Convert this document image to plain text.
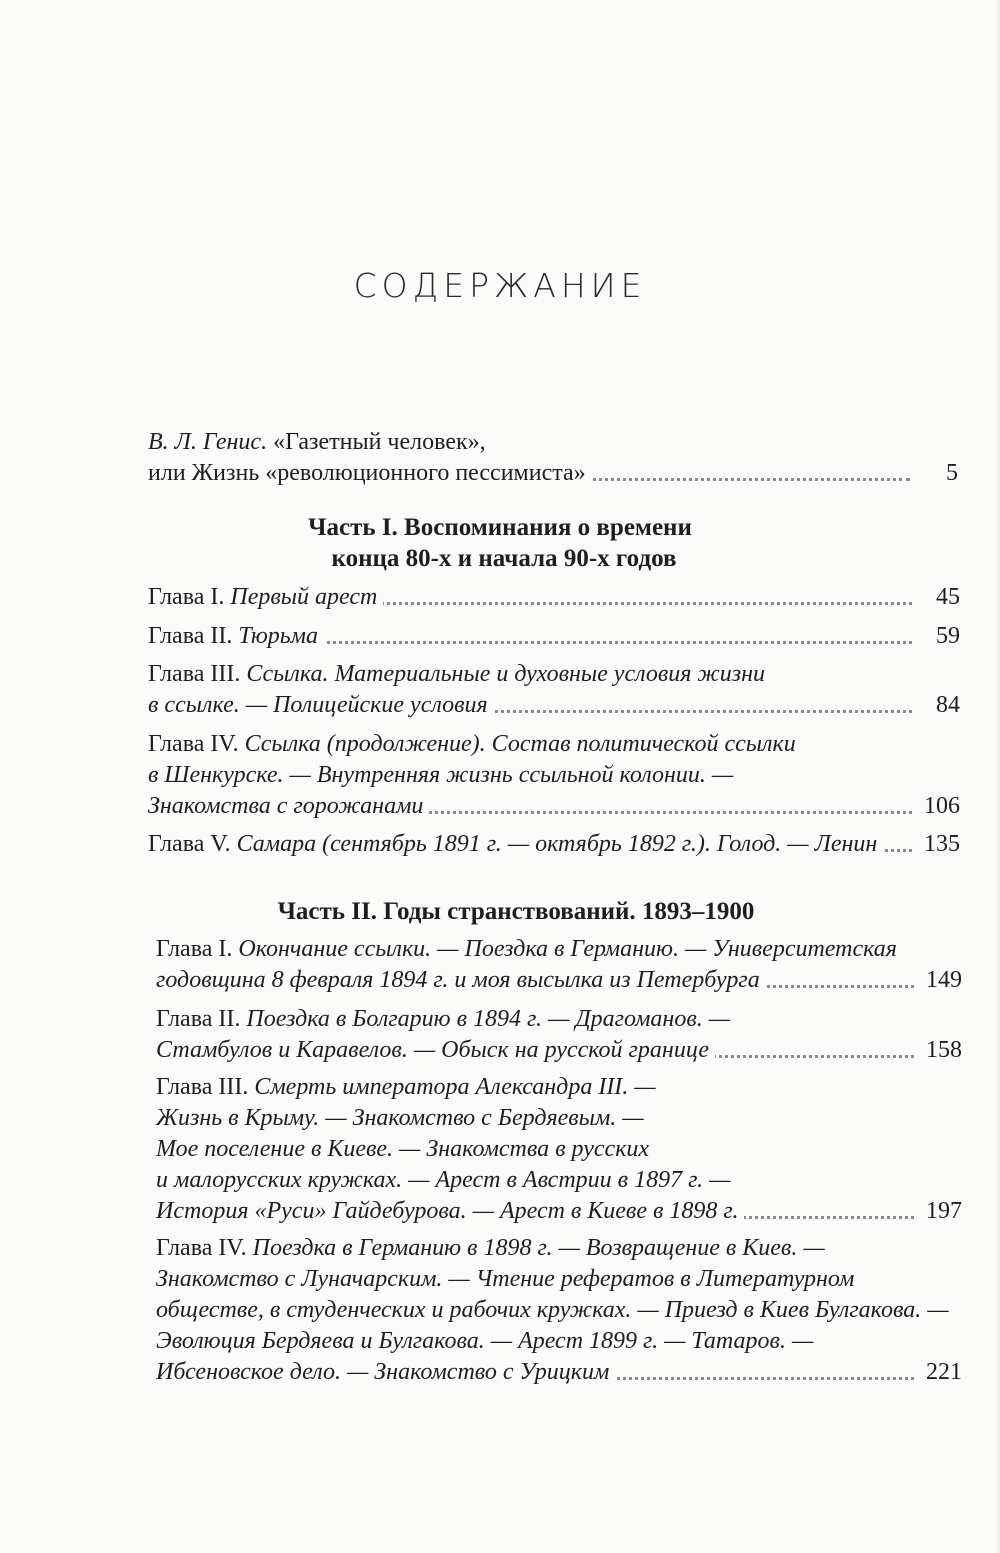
СОДЕРЖАНИЕ
В. Л. Генис. «Газетный человек»,
или Жизнь «революционного пессимиста»	5
Часть I. Воспоминания о времени
конца 80-х и начала 90-х годов
Глава I. Первый арест	45
Глава II. Тюрьма	59
Глава III. Ссылка. Материальные и духовные условия жизни
в ссылке. — Полицейские условия	84
Глава IV. Ссылка (продолжение). Состав политической ссылки
в Шенкурске. — Внутренняя жизнь ссыльной колонии. —
Знакомства с горожанами	106
Глава V. Самара (сентябрь 1891 г. — октябрь 1892 г.). Голод. — Ленин 135
Часть II. Годы странствований. 1893–1900
Глава I. Окончание ссылки. — Поездка в Германию. — Университетская
годовщина 8 февраля 1894 г. и моя высылка из Петербурга	149
Глава II. Поездка в Болгарию в 1894 г. — Драгоманов. —
Стамбулов и Каравелов. — Обыск на русской границе	158
Глава III. Смерть императора Александра III. —
Жизнь в Крыму. — Знакомство с Бердяевым. —
Мое поселение в Киеве. — Знакомства в русских
и малорусских кружках. — Арест в Австрии в 1897 г. —
История «Руси» Гайдебурова. — Арест в Киеве в 1898 г.	197
Глава IV. Поездка в Германию в 1898 г. — Возвращение в Киев. —
Знакомство с Луначарским. — Чтение рефератов в Литературном
обществе, в студенческих и рабочих кружках. — Приезд в Киев Булгакова. —
Эволюция Бердяева и Булгакова. — Арест 1899 г. — Татаров. —
Ибсеновское дело. — Знакомство с Урицким	221
